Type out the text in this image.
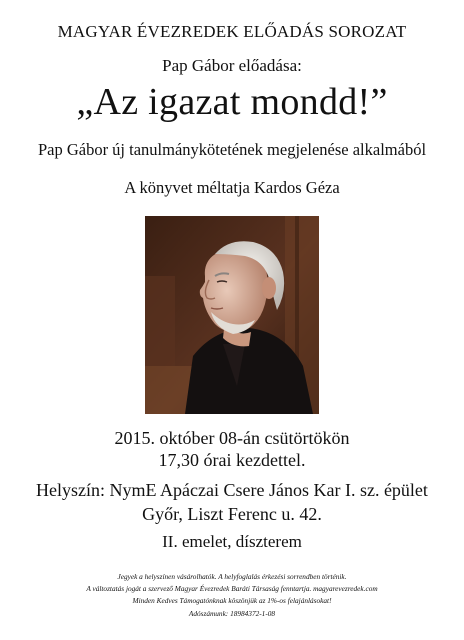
MAGYAR ÉVEZREDEK ELŐADÁS SOROZAT

Pap Gábor előadása:

„Az igazat mondd!”

Pap Gábor új tanulmánykötetének megjelenése alkalmából

A könyvet méltatja Kardos Géza

2015. október 08-án csütörtökön

17,30 órai kezdettel.

Helyszín: NymE Apáczai Csere János Kar I. sz. épület

Győr, Liszt Ferenc u. 42.

II. emelet, díszterem

Jegyek a helyszínen vásárolhatók. A helyfoglalás érkezési sorrendben történik.

A változtatás jogát a szervező Magyar Évezredek Baráti Társaság fenntartja. magyarevezredek.com

Minden Kedves Támogatónknak köszönjük az 1%-os felajánlásokat!

Adószámunk: 18984372-1-08
